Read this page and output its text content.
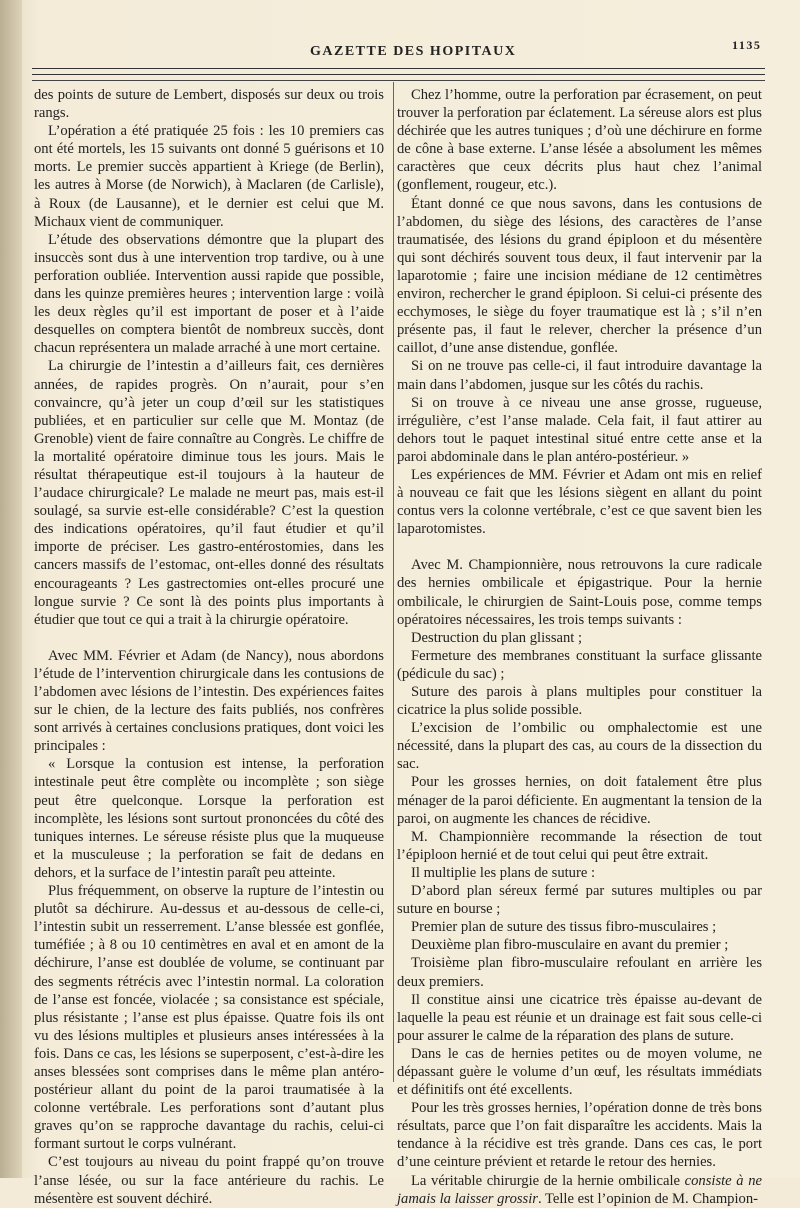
GAZETTE DES HOPITAUX	1135

des points de suture de Lembert, disposés sur deux ou trois rangs.

L’opération a été pratiquée 25 fois : les 10 premiers cas ont été mortels, les 15 suivants ont donné 5 guérisons et 10 morts. Le premier succès appartient à Kriege (de Berlin), les autres à Morse (de Norwich), à Maclaren (de Carlisle), à Roux (de Lausanne), et le dernier est celui que M. Michaux vient de communiquer.

L’étude des observations démontre que la plupart des insuccès sont dus à une intervention trop tardive, ou à une perforation oubliée. Intervention aussi rapide que possible, dans les quinze premières heures ; intervention large : voilà les deux règles qu’il est important de poser et à l’aide desquelles on comptera bientôt de nombreux succès, dont chacun représentera un malade arraché à une mort certaine.

La chirurgie de l’intestin a d’ailleurs fait, ces dernières années, de rapides progrès. On n’aurait, pour s’en convaincre, qu’à jeter un coup d’œil sur les statistiques publiées, et en particulier sur celle que M. Montaz (de Grenoble) vient de faire connaître au Congrès. Le chiffre de la mortalité opératoire diminue tous les jours. Mais le résultat thérapeutique est-il toujours à la hauteur de l’audace chirurgicale? Le malade ne meurt pas, mais est-il soulagé, sa survie est-elle considérable? C’est la question des indications opératoires, qu’il faut étudier et qu’il importe de préciser. Les gastro-entérostomies, dans les cancers massifs de l’estomac, ont-elles donné des résultats encourageants ? Les gastrectomies ont-elles procuré une longue survie ? Ce sont là des points plus importants à étudier que tout ce qui a trait à la chirurgie opératoire.

Avec MM. Février et Adam (de Nancy), nous abordons l’étude de l’intervention chirurgicale dans les contusions de l’abdomen avec lésions de l’intestin. Des expériences faites sur le chien, de la lecture des faits publiés, nos confrères sont arrivés à certaines conclusions pratiques, dont voici les principales :

« Lorsque la contusion est intense, la perforation intestinale peut être complète ou incomplète ; son siège peut être quelconque. Lorsque la perforation est incomplète, les lésions sont surtout prononcées du côté des tuniques internes. Le séreuse résiste plus que la muqueuse et la musculeuse ; la perforation se fait de dedans en dehors, et la surface de l’intestin paraît peu atteinte.

Plus fréquemment, on observe la rupture de l’intestin ou plutôt sa déchirure. Au-dessus et au-dessous de celle-ci, l’intestin subit un resserrement. L’anse blessée est gonflée, tuméfiée ; à 8 ou 10 centimètres en aval et en amont de la déchirure, l’anse est doublée de volume, se continuant par des segments rétrécis avec l’intestin normal. La coloration de l’anse est foncée, violacée ; sa consistance est spéciale, plus résistante ; l’anse est plus épaisse. Quatre fois ils ont vu des lésions multiples et plusieurs anses intéressées à la fois. Dans ce cas, les lésions se superposent, c’est-à-dire les anses blessées sont comprises dans le même plan antéro-postérieur allant du point de la paroi traumatisée à la colonne vertébrale. Les perforations sont d’autant plus graves qu’on se rapproche davantage du rachis, celui-ci formant surtout le corps vulnérant.

C’est toujours au niveau du point frappé qu’on trouve l’anse lésée, ou sur la face antérieure du rachis. Le mésentère est souvent déchiré.

Chez l’homme, outre la perforation par écrasement, on peut trouver la perforation par éclatement. La séreuse alors est plus déchirée que les autres tuniques ; d’où une déchirure en forme de cône à base externe. L’anse lésée a absolument les mêmes caractères que ceux décrits plus haut chez l’animal (gonflement, rougeur, etc.).

Étant donné ce que nous savons, dans les contusions de l’abdomen, du siège des lésions, des caractères de l’anse traumatisée, des lésions du grand épiploon et du mésentère qui sont déchirés souvent tous deux, il faut intervenir par la laparotomie ; faire une incision médiane de 12 centimètres environ, rechercher le grand épiploon. Si celui-ci présente des ecchymoses, le siège du foyer traumatique est là ; s’il n’en présente pas, il faut le relever, chercher la présence d’un caillot, d’une anse distendue, gonflée.

Si on ne trouve pas celle-ci, il faut introduire davantage la main dans l’abdomen, jusque sur les côtés du rachis.

Si on trouve à ce niveau une anse grosse, rugueuse, irrégulière, c’est l’anse malade. Cela fait, il faut attirer au dehors tout le paquet intestinal situé entre cette anse et la paroi abdominale dans le plan antéro-postérieur. »

Les expériences de MM. Février et Adam ont mis en relief à nouveau ce fait que les lésions siègent en allant du point contus vers la colonne vertébrale, c’est ce que savent bien les laparotomistes.

Avec M. Championnière, nous retrouvons la cure radicale des hernies ombilicale et épigastrique. Pour la hernie ombilicale, le chirurgien de Saint-Louis pose, comme temps opératoires nécessaires, les trois temps suivants :

Destruction du plan glissant ;

Fermeture des membranes constituant la surface glissante (pédicule du sac) ;

Suture des parois à plans multiples pour constituer la cicatrice la plus solide possible.

L’excision de l’ombilic ou omphalectomie est une nécessité, dans la plupart des cas, au cours de la dissection du sac.

Pour les grosses hernies, on doit fatalement être plus ménager de la paroi déficiente. En augmentant la tension de la paroi, on augmente les chances de récidive.

M. Championnière recommande la résection de tout l’épiploon hernié et de tout celui qui peut être extrait.

Il multiplie les plans de suture :

D’abord plan séreux fermé par sutures multiples ou par suture en bourse ;

Premier plan de suture des tissus fibro-musculaires ;

Deuxième plan fibro-musculaire en avant du premier ;

Troisième plan fibro-musculaire refoulant en arrière les deux premiers.

Il constitue ainsi une cicatrice très épaisse au-devant de laquelle la peau est réunie et un drainage est fait sous celle-ci pour assurer le calme de la réparation des plans de suture.

Dans le cas de hernies petites ou de moyen volume, ne dépassant guère le volume d’un œuf, les résultats immédiats et définitifs ont été excellents.

Pour les très grosses hernies, l’opération donne de très bons résultats, parce que l’on fait disparaître les accidents. Mais la tendance à la récidive est très grande. Dans ces cas, le port d’une ceinture prévient et retarde le retour des hernies.

La véritable chirurgie de la hernie ombilicale consiste à ne jamais la laisser grossir. Telle est l’opinion de M. Champion-
